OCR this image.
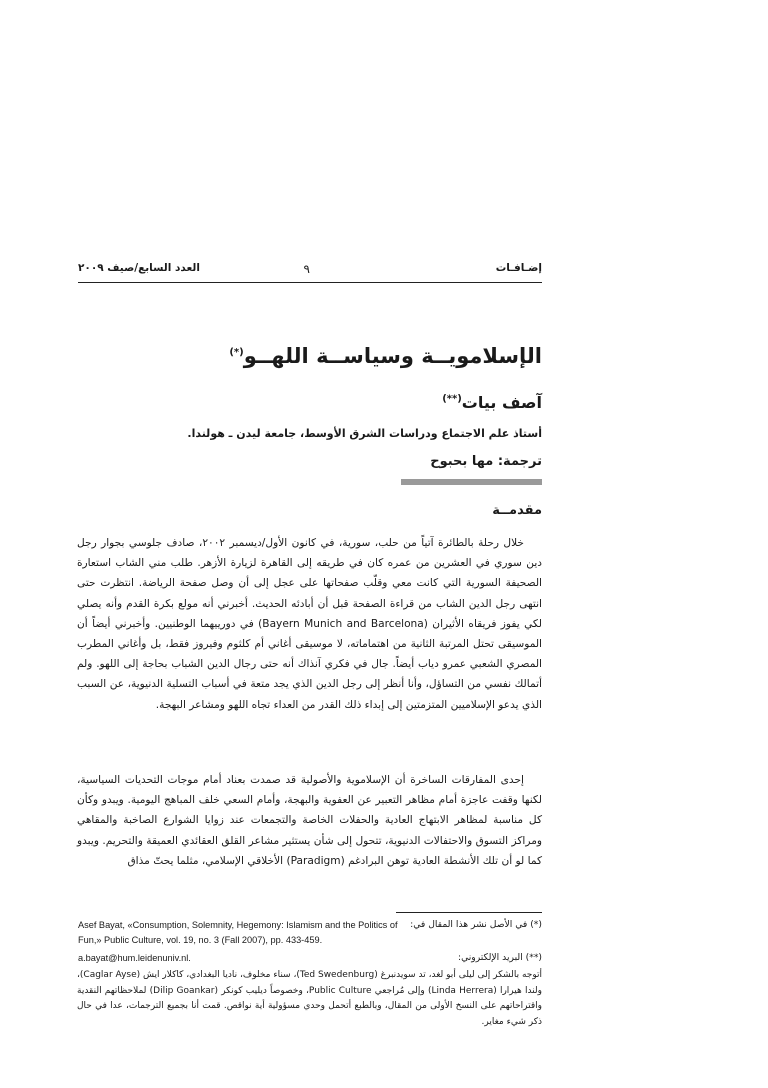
إضـافـات
٩
العدد السابع/صيف ٢٠٠٩
الإسلامويــة وسياســة اللهــو(*)
آصف بيات(**)
أستاذ علم الاجتماع ودراسات الشرق الأوسط، جامعة ليدن ـ هولندا.
ترجمة: مها بحبوح
مقدمــة

خلال رحلة بالطائرة آتياً من حلب، سورية، في كانون الأول/ديسمبر ٢٠٠٢، صادف جلوسي بجوار رجل دين سوري في العشرين من عمره كان في طريقه إلى القاهرة لزيارة الأزهر. طلب مني الشاب استعارة الصحيفة السورية التي كانت معي وقلّب صفحاتها على عجل إلى أن وصل صفحة الرياضة. انتظرت حتى انتهى رجل الدين الشاب من قراءة الصفحة قبل أن أبادئه الحديث. أخبرني أنه مولع بكرة القدم وأنه يصلي لكي يفوز فريقاه الأثيران (Bayern Munich and Barcelona) في دورييهما الوطنيين. وأخبرني أيضاً أن الموسيقى تحتل المرتبة الثانية من اهتماماته، لا موسيقى أغاني أم كلثوم وفيروز فقط، بل وأغاني المطرب المصري الشعبي عمرو دياب أيضاً. جال في فكري آنذاك أنه حتى رجال الدين الشباب بحاجة إلى اللهو. ولم أتمالك نفسي من التساؤل، وأنا أنظر إلى رجل الدين الذي يجد متعة في أسباب التسلية الدنيوية، عن السبب الذي يدعو الإسلاميين المتزمتين إلى إبداء ذلك القدر من العداء تجاه اللهو ومشاعر البهجة.

إحدى المفارقات الساخرة أن الإسلاموية والأصولية قد صمدت بعناد أمام موجات التحديات السياسية، لكنها وقفت عاجزة أمام مظاهر التعبير عن العفوية والبهجة، وأمام السعي خلف المباهج اليومية. ويبدو وكأن كل مناسبة لمظاهر الابتهاج العادية والحفلات الخاصة والتجمعات عند زوايا الشوارع الصاخبة والمقاهي ومراكز التسوق والاحتفالات الدنيوية، تتحول إلى شأن يستثير مشاعر القلق العقائدي العميقة والتحريم. ويبدو كما لو أن تلك الأنشطة العادية توهن البرادغم (Paradigm) الأخلاقي الإسلامي، مثلما يحتّ مذاق

(*) في الأصل نشر هذا المقال في:
Asef Bayat, «Consumption, Solemnity, Hegemony: Islamism and the Politics of Fun,» Public Culture, vol. 19, no. 3 (Fall 2007), pp. 433-459.
(**) البريد الإلكتروني:
a.bayat@hum.leidenuniv.nl.
أتوجه بالشكر إلى ليلى أبو لغد، تد سويدنبرغ (Ted Swedenburg)، سناء مخلوف، ناديا البغدادي، كاكلار ايش (Caglar Ayse)، ولندا هيرارا (Linda Herrera) وإلى مُراجعي Public Culture، وخصوصاً ديليب كونكر (Dilip Goankar) لملاحظاتهم النقدية واقتراحاتهم على النسخ الأولى من المقال، وبالطبع أتحمل وحدي مسؤولية أية نواقص. قمت أنا بجميع الترجمات، عدا في حال ذكر شيء مغاير.
